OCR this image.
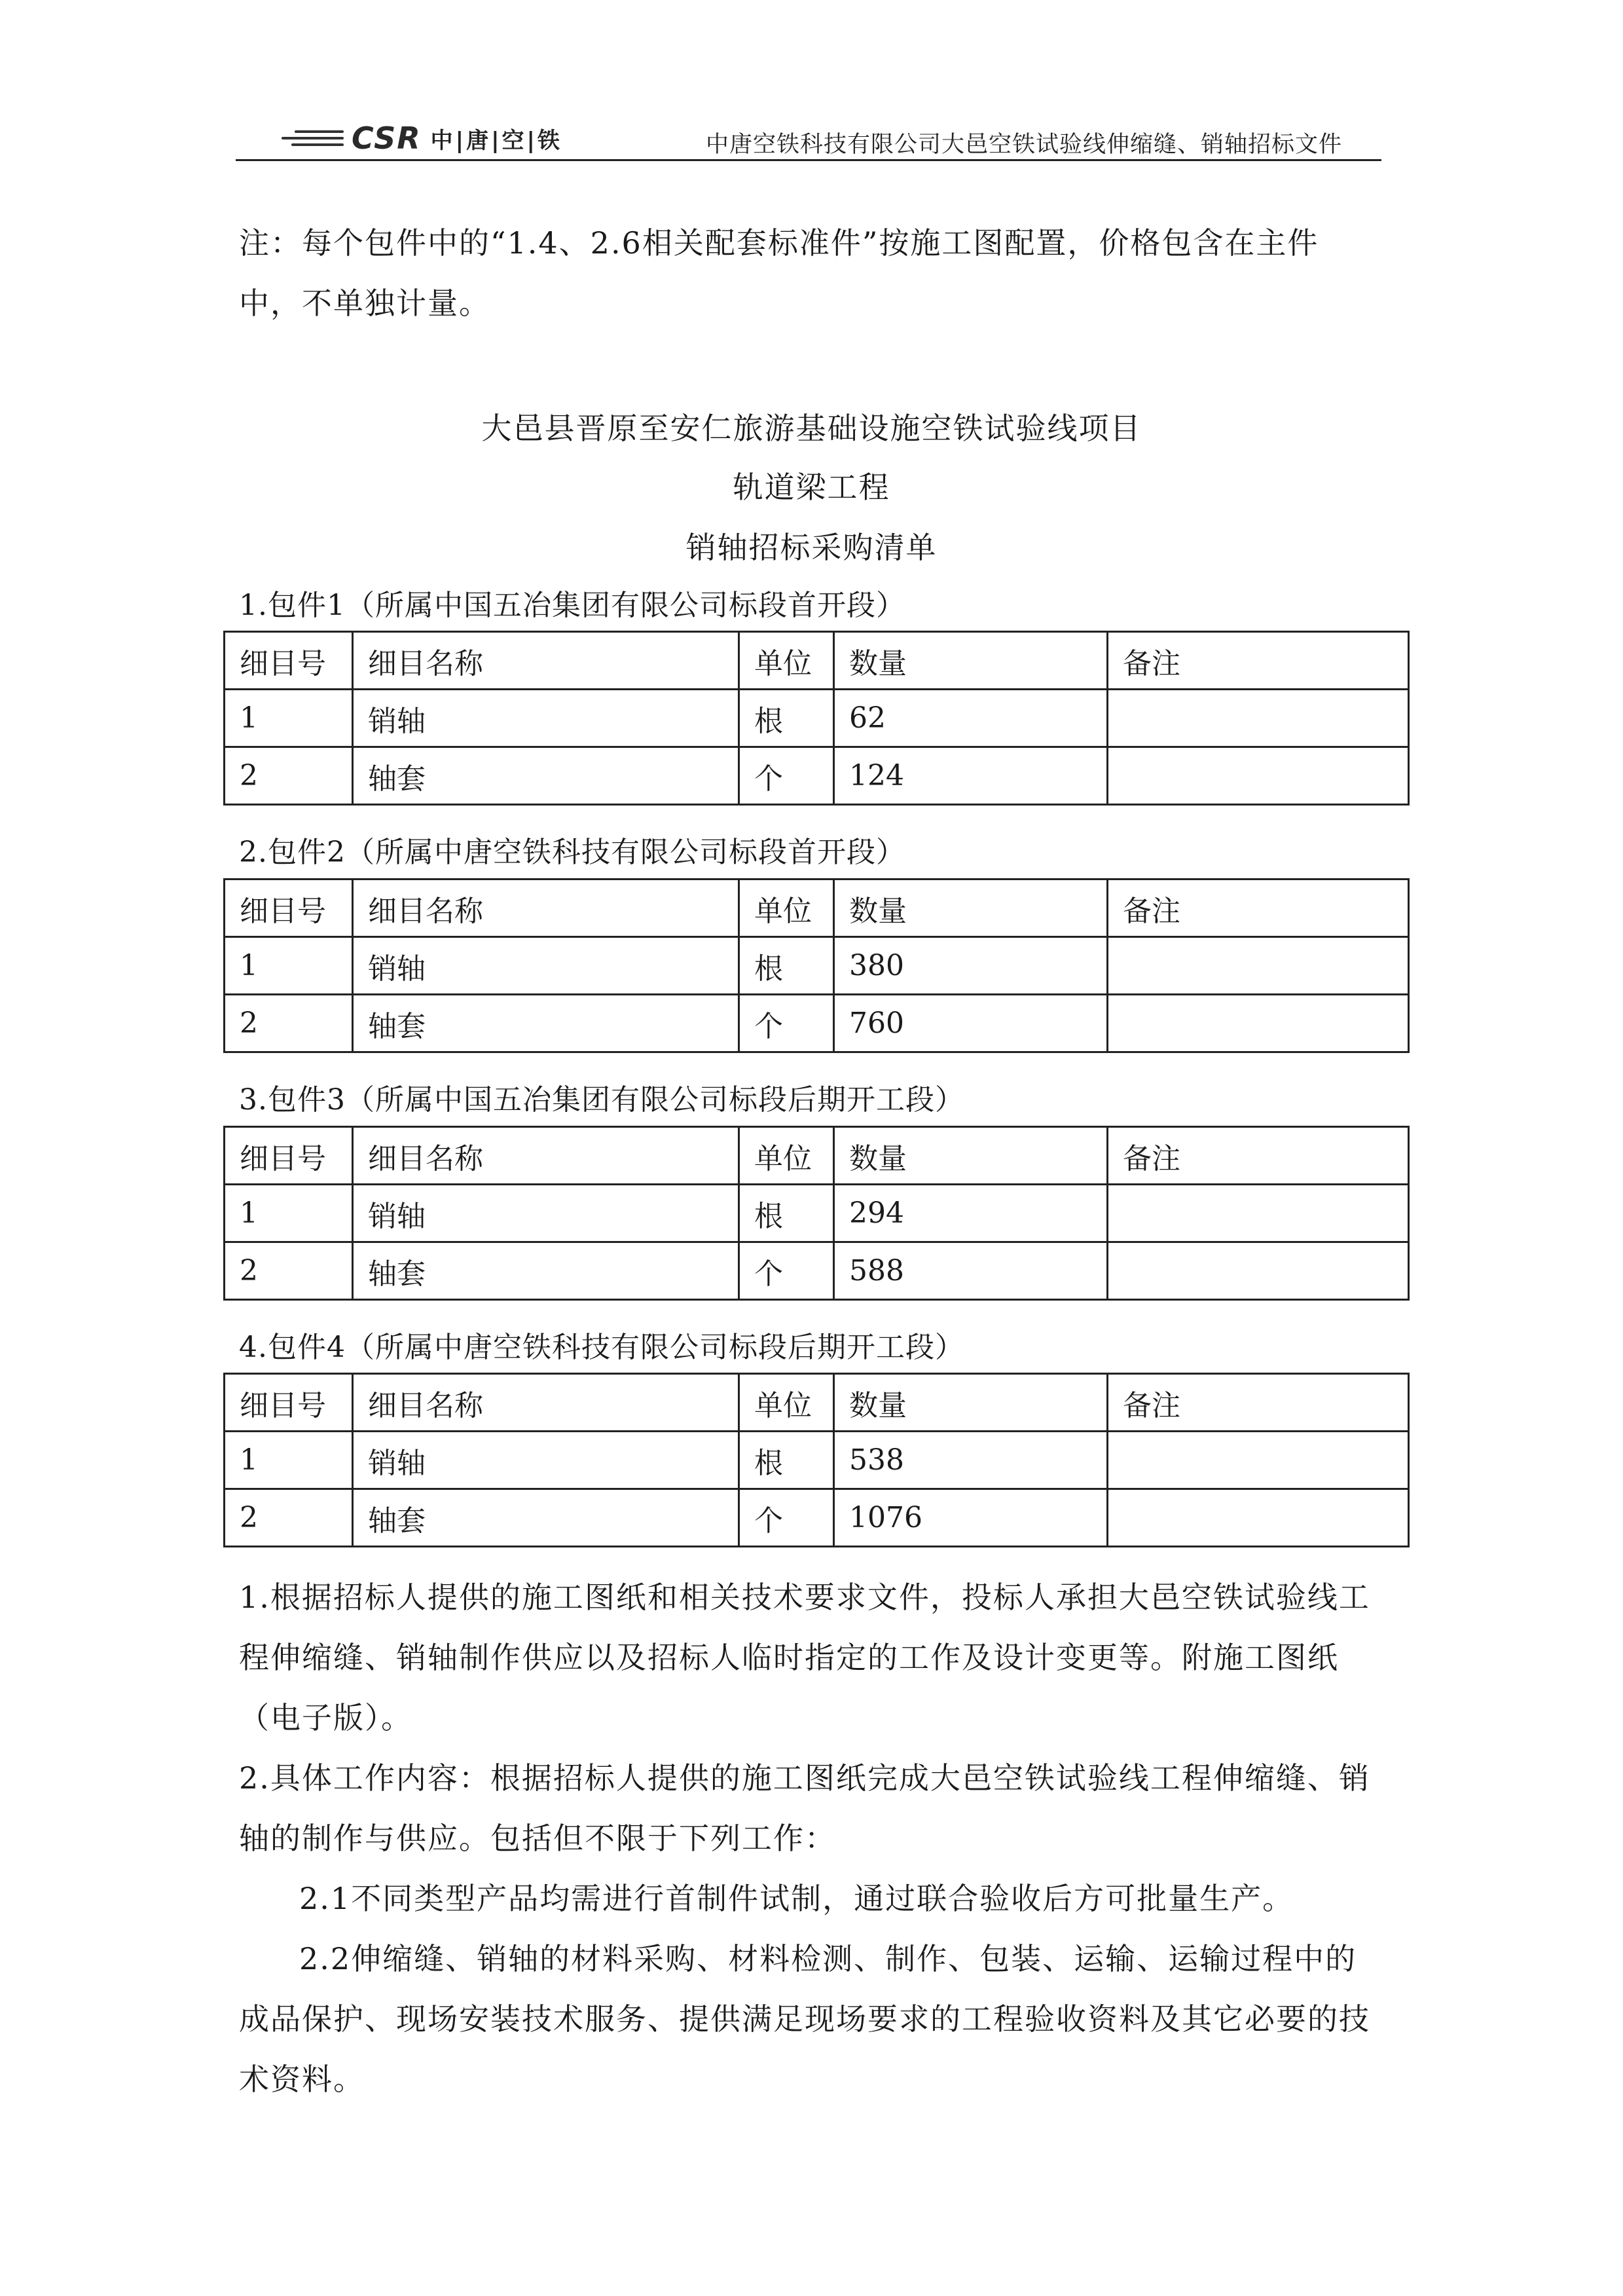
CSR 中|唐|空|铁	中唐空铁科技有限公司大邑空铁试验线伸缩缝、销轴招标文件

注：每个包件中的“1.4、2.6相关配套标准件”按施工图配置，价格包含在主件中，不单独计量。

大邑县晋原至安仁旅游基础设施空铁试验线项目
轨道梁工程
销轴招标采购清单
1.包件1（所属中国五冶集团有限公司标段首开段）
细目号	细目名称	单位	数量	备注
1	销轴	根	62	
2	轴套	个	124	
2.包件2（所属中唐空铁科技有限公司标段首开段）
细目号	细目名称	单位	数量	备注
1	销轴	根	380	
2	轴套	个	760	
3.包件3（所属中国五冶集团有限公司标段后期开工段）
细目号	细目名称	单位	数量	备注
1	销轴	根	294	
2	轴套	个	588	
4.包件4（所属中唐空铁科技有限公司标段后期开工段）
细目号	细目名称	单位	数量	备注
1	销轴	根	538	
2	轴套	个	1076	

1.根据招标人提供的施工图纸和相关技术要求文件，投标人承担大邑空铁试验线工程伸缩缝、销轴制作供应以及招标人临时指定的工作及设计变更等。附施工图纸（电子版）。

2.具体工作内容：根据招标人提供的施工图纸完成大邑空铁试验线工程伸缩缝、销轴的制作与供应。包括但不限于下列工作：

2.1不同类型产品均需进行首制件试制，通过联合验收后方可批量生产。

2.2伸缩缝、销轴的材料采购、材料检测、制作、包装、运输、运输过程中的成品保护、现场安装技术服务、提供满足现场要求的工程验收资料及其它必要的技术资料。
